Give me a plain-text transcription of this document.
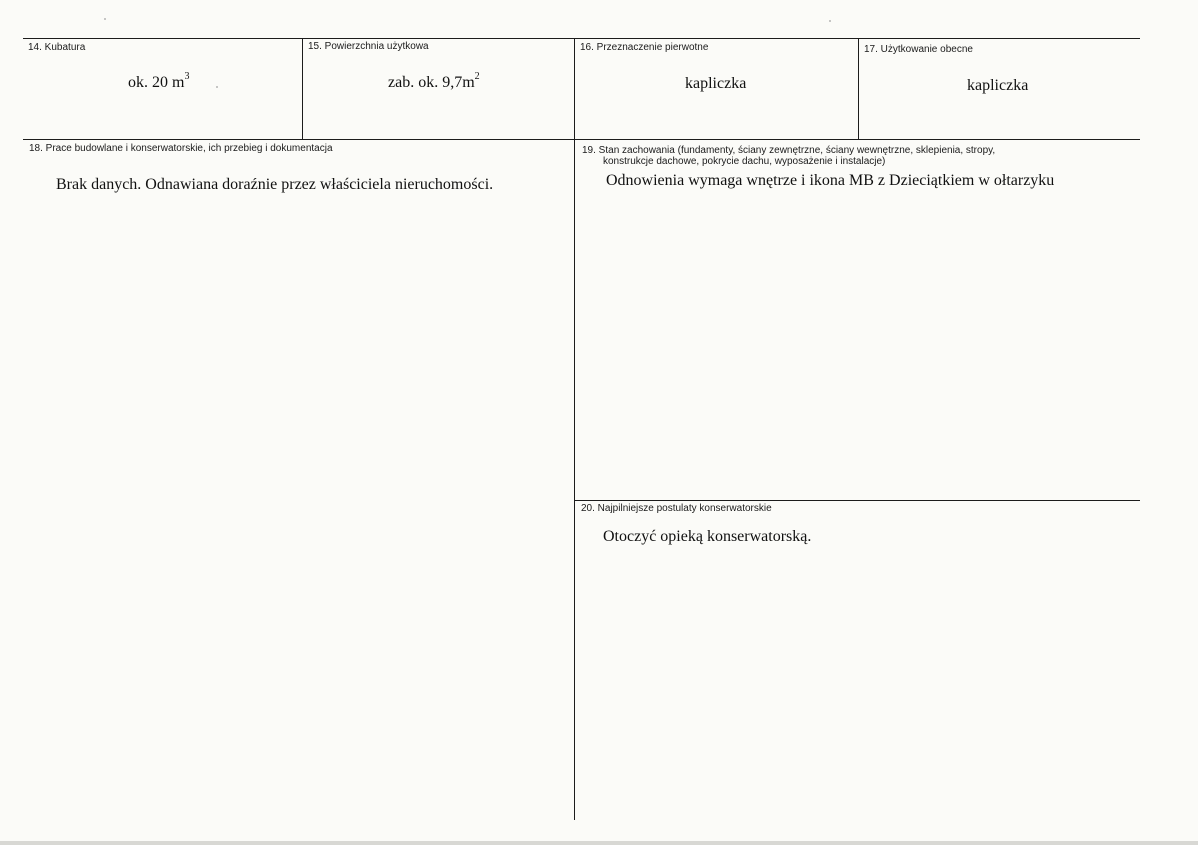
14. Kubatura
ok. 20 $m^3$
15. Powierzchnia użytkowa
zab. ok. $9,7m^2$
16. Przeznaczenie pierwotne
kapliczka
17. Użytkowanie obecne
kapliczka
18. Prace budowlane i konserwatorskie, ich przebieg i dokumentacja
Brak danych. Odnawiana doraźnie przez właściciela nieruchomości.
19. Stan zachowania (fundamenty, ściany zewnętrzne, ściany wewnętrzne, sklepienia, stropy,
konstrukcje dachowe, pokrycie dachu, wyposażenie i instalacje)
Odnowienia wymaga wnętrze i ikona MB z Dzieciątkiem w ołtarzyku
20. Najpilniejsze postulaty konserwatorskie
Otoczyć opieką konserwatorską.
